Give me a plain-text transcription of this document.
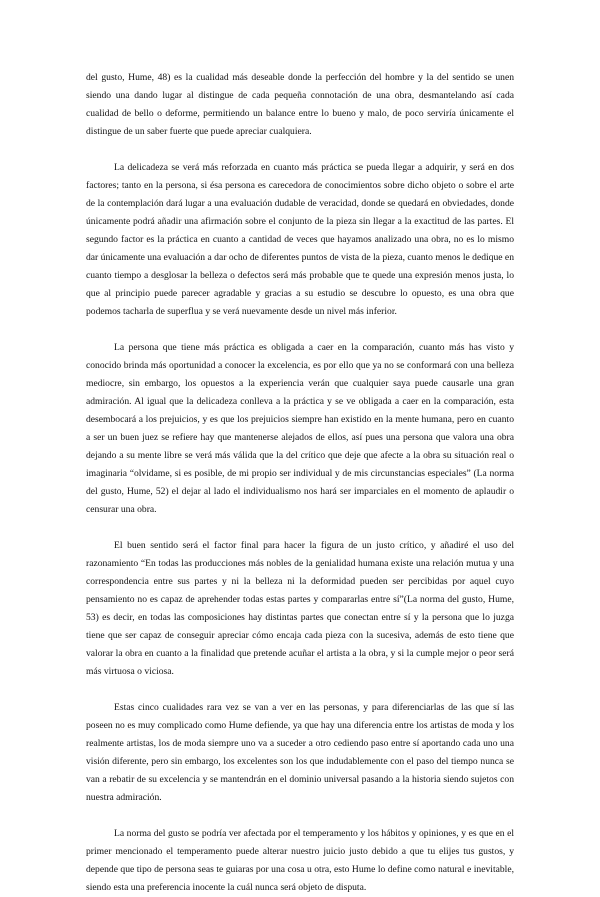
del gusto, Hume, 48) es la cualidad más deseable donde la perfección del hombre y la del sentido se unen siendo una dando lugar al distingue de cada pequeña connotación de una obra, desmantelando así cada cualidad de bello o deforme, permitiendo un balance entre lo bueno y malo, de poco serviría únicamente el distingue de un saber fuerte que puede apreciar cualquiera.

La delicadeza se verá más reforzada en cuanto más práctica se pueda llegar a adquirir, y será en dos factores; tanto en la persona, si ésa persona es carecedora de conocimientos sobre dicho objeto o sobre el arte de la contemplación dará lugar a una evaluación dudable de veracidad, donde se quedará en obviedades, donde únicamente podrá añadir una afirmación sobre el conjunto de la pieza sin llegar a la exactitud de las partes. El segundo factor es la práctica en cuanto a cantidad de veces que hayamos analizado una obra, no es lo mismo dar únicamente una evaluación a dar ocho de diferentes puntos de vista de la pieza, cuanto menos le dedique en cuanto tiempo a desglosar la belleza o defectos será más probable que te quede una expresión menos justa, lo que al principio puede parecer agradable y gracias a su estudio se descubre lo opuesto, es una obra que podemos tacharla de superflua y se verá nuevamente desde un nivel más inferior.

La persona que tiene más práctica es obligada a caer en la comparación, cuanto más has visto y conocido brinda más oportunidad a conocer la excelencia, es por ello que ya no se conformará con una belleza mediocre, sin embargo, los opuestos a la experiencia verán que cualquier saya puede causarle una gran admiración. Al igual que la delicadeza conlleva a la práctica y se ve obligada a caer en la comparación, esta desembocará a los prejuicios, y es que los prejuicios siempre han existido en la mente humana, pero en cuanto a ser un buen juez se refiere hay que mantenerse alejados de ellos, así pues una persona que valora una obra dejando a su mente libre se verá más válida que la del crítico que deje que afecte a la obra su situación real o imaginaria “olvidame, si es posible, de mi propio ser individual y de mis circunstancias especiales” (La norma del gusto, Hume, 52) el dejar al lado el individualismo nos hará ser imparciales en el momento de aplaudir o censurar una obra.

El buen sentido será el factor final para hacer la figura de un justo crítico, y añadiré el uso del razonamiento “En todas las producciones más nobles de la genialidad humana existe una relación mutua y una correspondencia entre sus partes y ni la belleza ni la deformidad pueden ser percibidas por aquel cuyo pensamiento no es capaz de aprehender todas estas partes y compararlas entre sí”(La norma del gusto, Hume, 53) es decir, en todas las composiciones hay distintas partes que conectan entre sí y la persona que lo juzga tiene que ser capaz de conseguir apreciar cómo encaja cada pieza con la sucesiva, además de esto tiene que valorar la obra en cuanto a la finalidad que pretende acuñar el artista a la obra, y si la cumple mejor o peor será más virtuosa o viciosa.

Estas cinco cualidades rara vez se van a ver en las personas, y para diferenciarlas de las que sí las poseen no es muy complicado como Hume defiende, ya que hay una diferencia entre los artistas de moda y los realmente artistas, los de moda siempre uno va a suceder a otro cediendo paso entre sí aportando cada uno una visión diferente, pero sin embargo, los excelentes son los que indudablemente con el paso del tiempo nunca se van a rebatir de su excelencia y se mantendrán en el dominio universal pasando a la historia siendo sujetos con nuestra admiración.

La norma del gusto se podría ver afectada por el temperamento y los hábitos y opiniones, y es que en el primer mencionado el temperamento puede alterar nuestro juicio justo debido a que tu elijes tus gustos, y depende que tipo de persona seas te guiaras por una cosa u otra, esto Hume lo define como natural e inevitable, siendo esta una preferencia inocente la cuál nunca será objeto de disputa.
